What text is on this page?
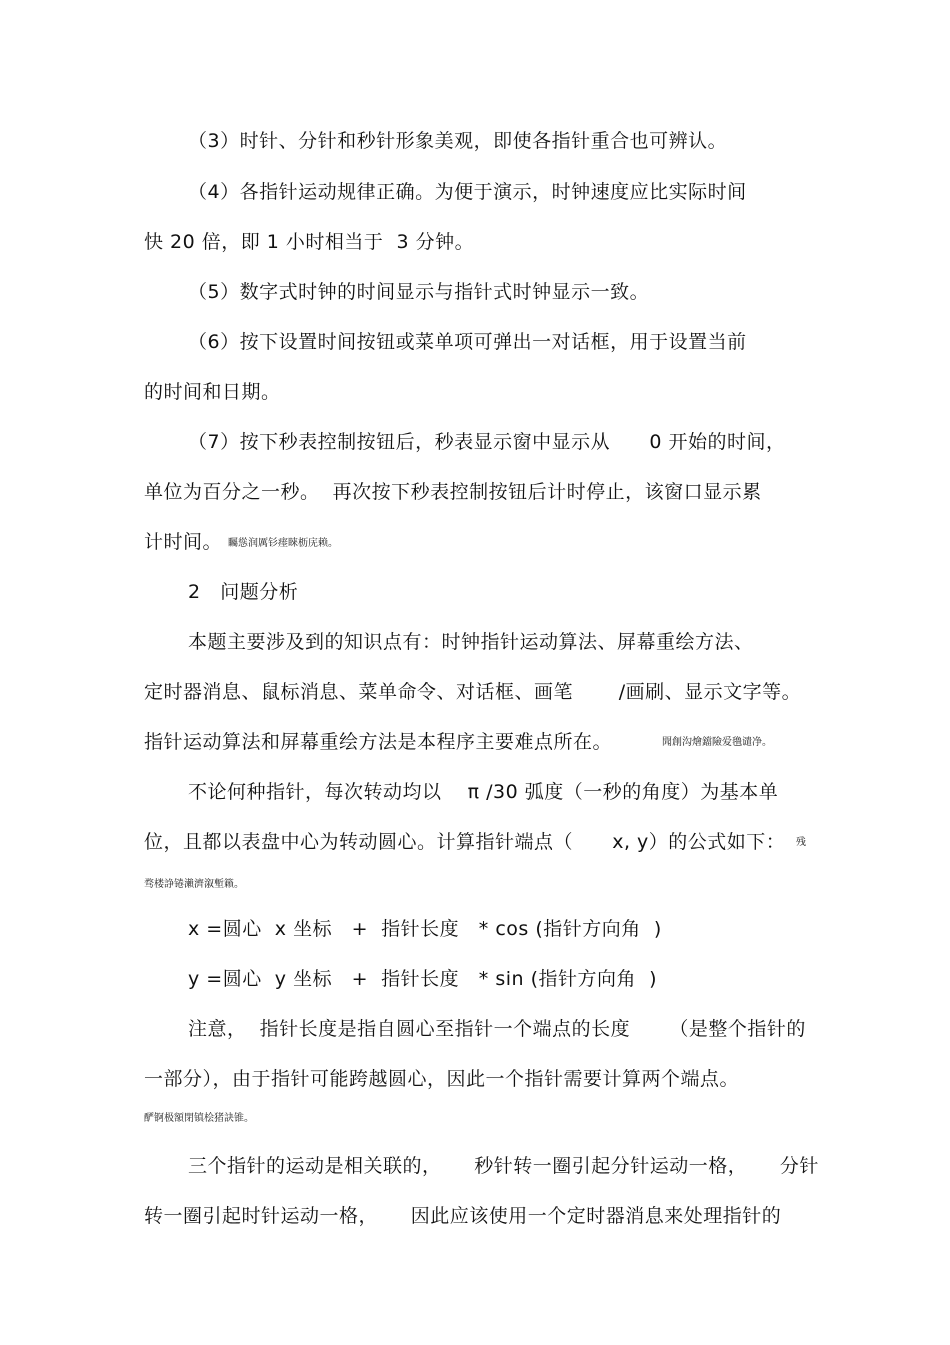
（3）时针、分针和秒针形象美观，即使各指针重合也可辨认。
（4）各指针运动规律正确。为便于演示，时钟速度应比实际时间
快 20 倍，即 1 小时相当于  3 分钟。
（5）数字式时钟的时间显示与指针式时钟显示一致。
（6）按下设置时间按钮或菜单项可弹出一对话框，用于设置当前
的时间和日期。
（7）按下秒表控制按钮后，秒表显示窗中显示从      0 开始的时间，
单位为百分之一秒。  再次按下秒表控制按钮后计时停止，该窗口显示累
计时间。 矚慫润厲钐瘗睞枥庑赖。
2   问题分析
本题主要涉及到的知识点有：时钟指针运动算法、屏幕重绘方法、
定时器消息、鼠标消息、菜单命令、对话框、画笔       /画刷、显示文字等。
指针运动算法和屏幕重绘方法是本程序主要难点所在。	聞創沟燴鐺險爱氇谴净。
不论何种指针，每次转动均以    π /30 弧度（一秒的角度）为基本单
位，且都以表盘中心为转动圆心。计算指针端点（      x, y）的公式如下： 残
骛楼諍锩瀨濟溆塹籟。
x =圆心  x 坐标   +  指针长度   * cos (指针方向角  )
y =圆心  y 坐标   +  指针长度   * sin (指针方向角  )
注意，  指针长度是指自圆心至指针一个端点的长度      （是整个指针的
一部分），由于指针可能跨越圆心，因此一个指针需要计算两个端点。
酽锕极額閉镇桧猪訣锥。
三个指针的运动是相关联的，     秒针转一圈引起分针运动一格，     分针
转一圈引起时针运动一格，     因此应该使用一个定时器消息来处理指针的
